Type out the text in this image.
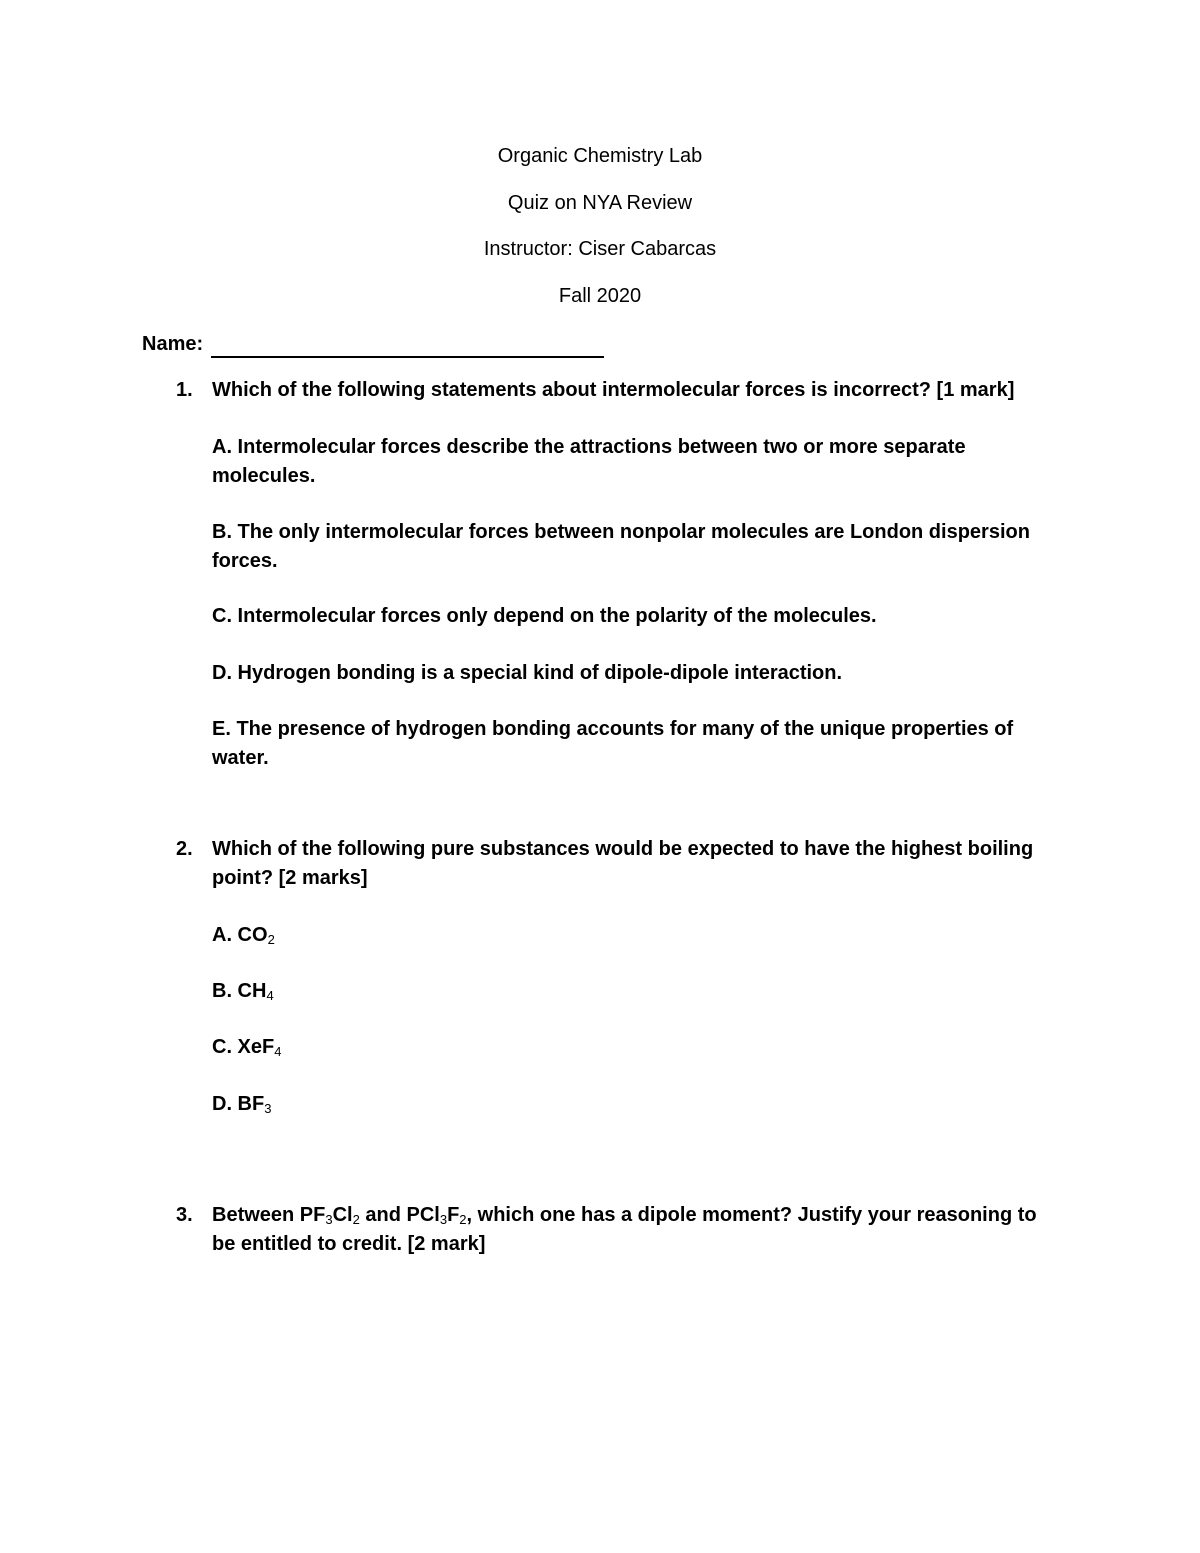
Organic Chemistry Lab

Quiz on NYA Review

Instructor: Ciser Cabarcas

Fall 2020

Name:
1. Which of the following statements about intermolecular forces is incorrect? [1 mark]

A. Intermolecular forces describe the attractions between two or more separate molecules.

B. The only intermolecular forces between nonpolar molecules are London dispersion forces.

C. Intermolecular forces only depend on the polarity of the molecules.

D. Hydrogen bonding is a special kind of dipole-dipole interaction.

E. The presence of hydrogen bonding accounts for many of the unique properties of water.

2. Which of the following pure substances would be expected to have the highest boiling point? [2 marks]

A. $CO_2$

B. $CH_4$

C. XeF$_4$

D. $BF_3$

3. Between $PF_3Cl_2$ and $PCl_3F_2$, which one has a dipole moment? Justify your reasoning to be entitled to credit. [2 mark]
